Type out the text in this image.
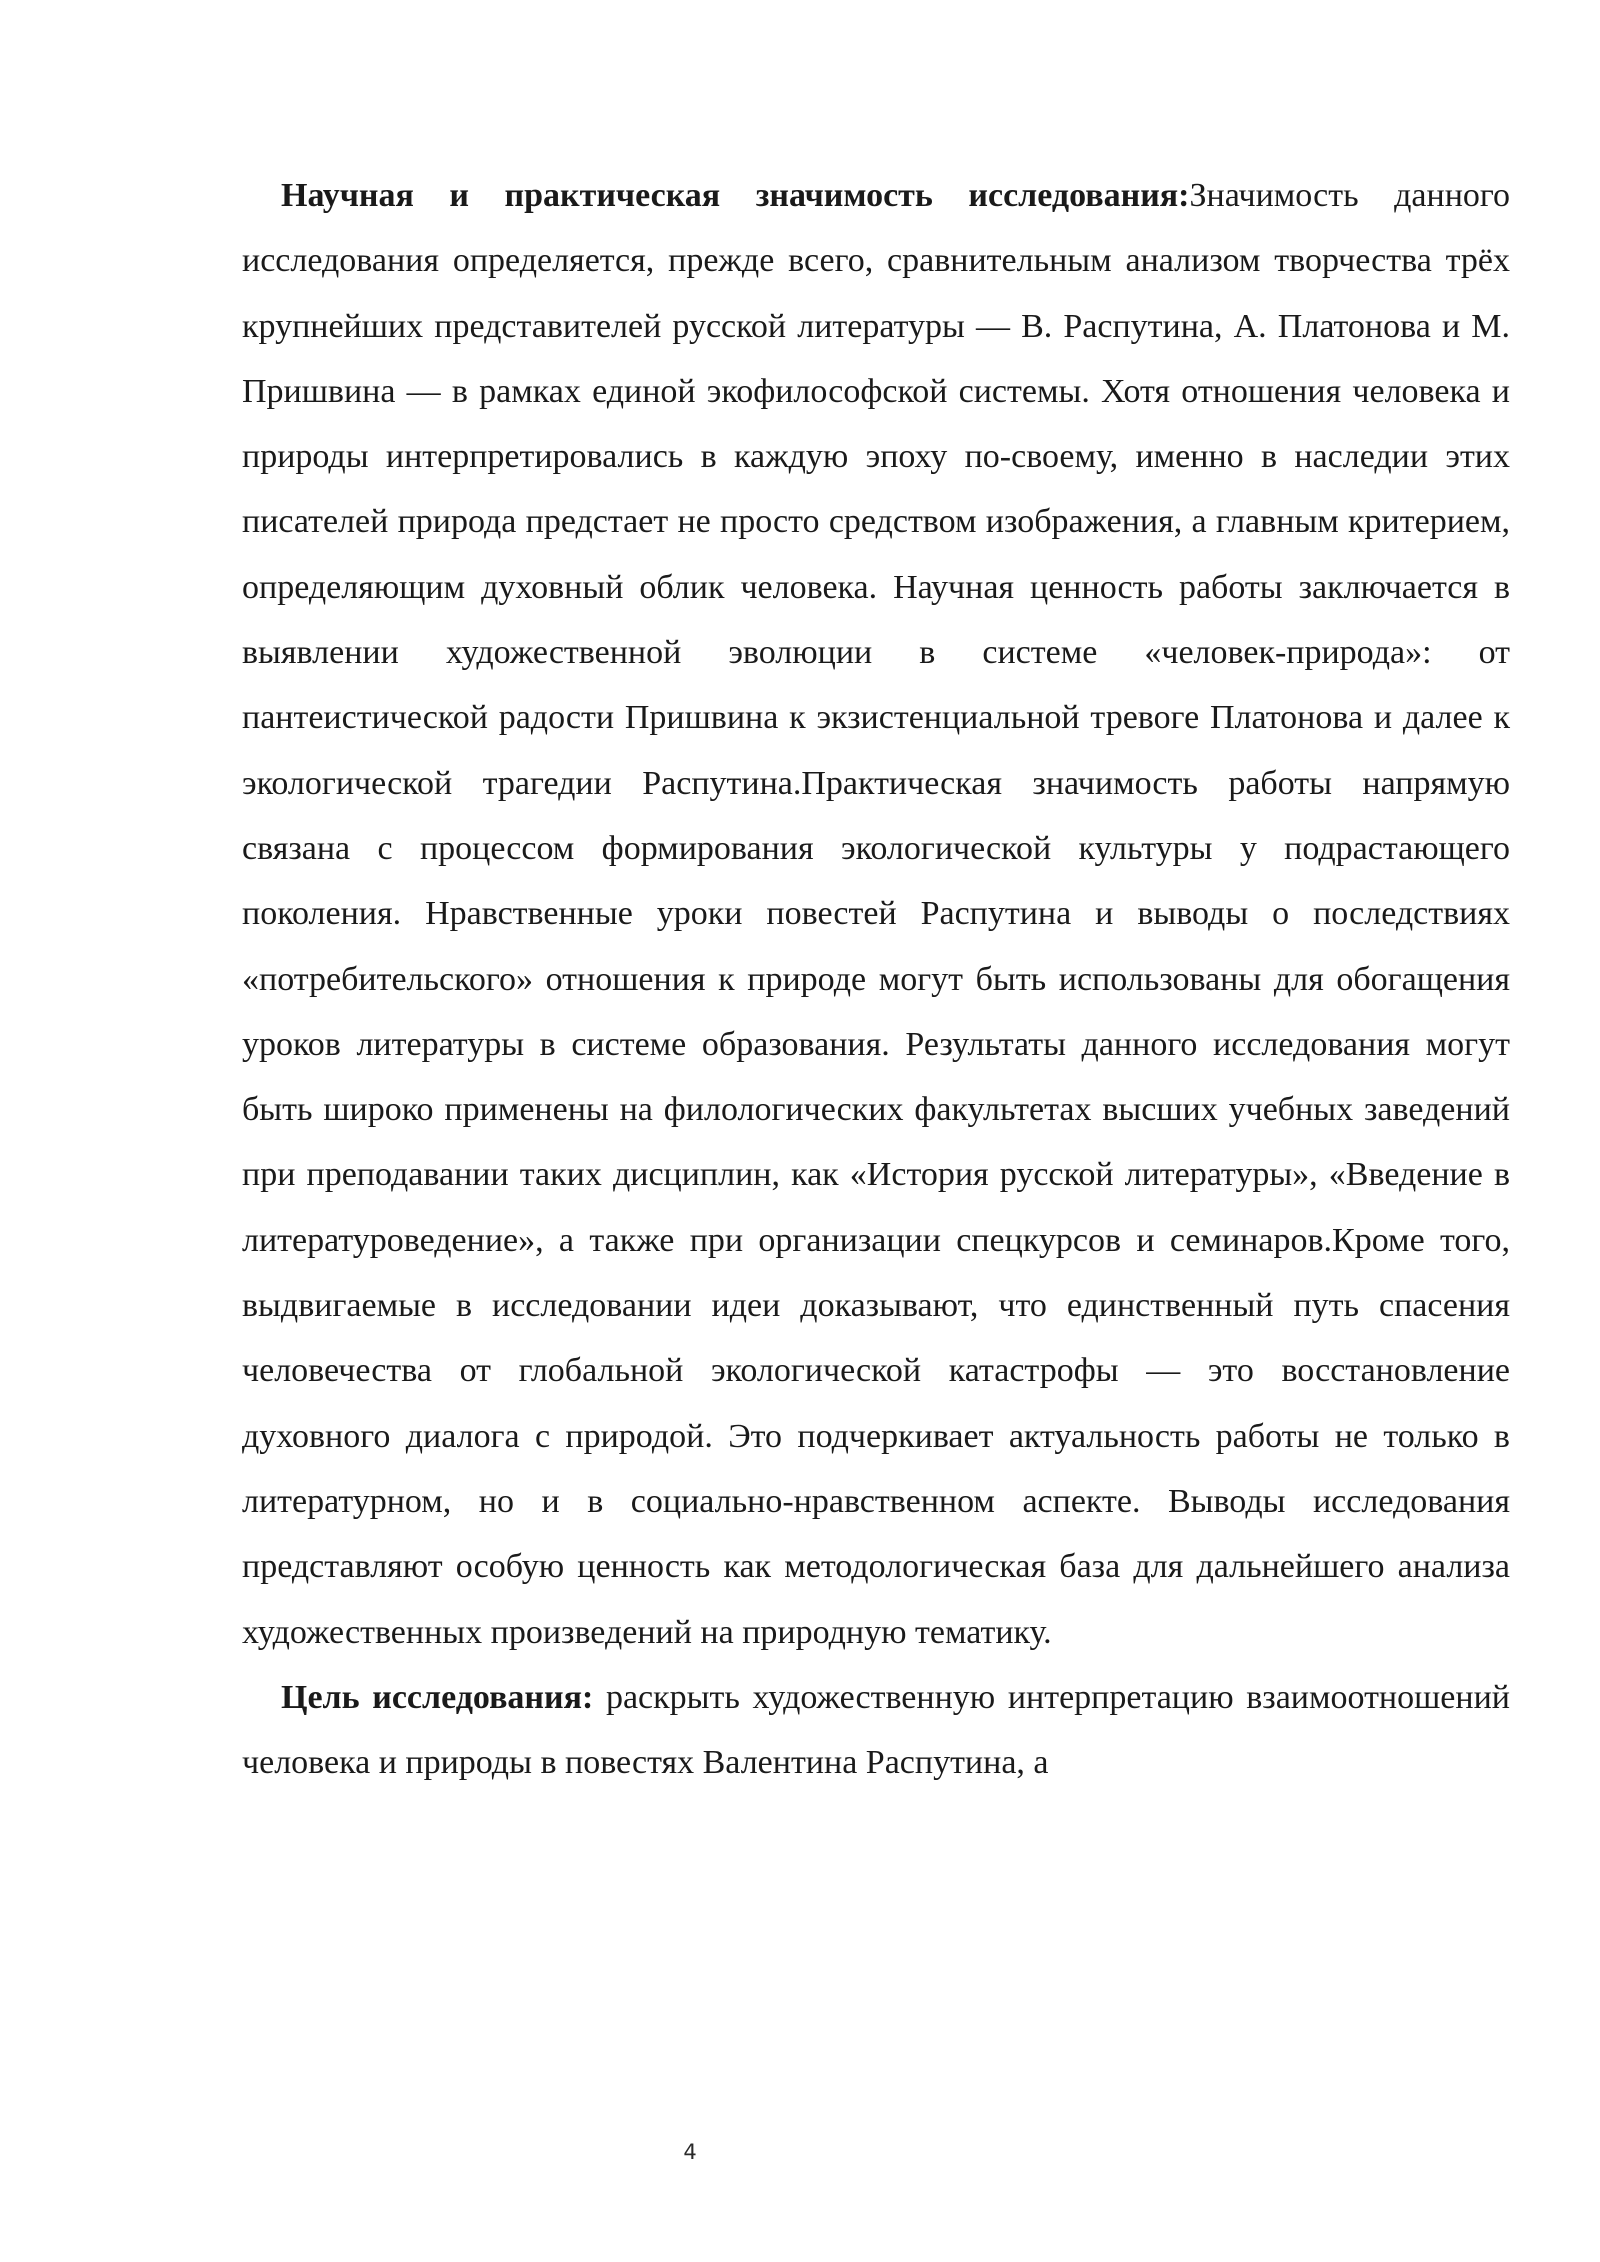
Научная и практическая значимость исследования:Значимость данного исследования определяется, прежде всего, сравнительным анализом творчества трёх крупнейших представителей русской литературы — В. Распутина, А. Платонова и М. Пришвина — в рамках единой экофилософской системы. Хотя отношения человека и природы интерпретировались в каждую эпоху по-своему, именно в наследии этих писателей природа предстает не просто средством изображения, а главным критерием, определяющим духовный облик человека. Научная ценность работы заключается в выявлении художественной эволюции в системе «человек-природа»: от пантеистической радости Пришвина к экзистенциальной тревоге Платонова и далее к экологической трагедии Распутина.Практическая значимость работы напрямую связана с процессом формирования экологической культуры у подрастающего поколения. Нравственные уроки повестей Распутина и выводы о последствиях «потребительского» отношения к природе могут быть использованы для обогащения уроков литературы в системе образования. Результаты данного исследования могут быть широко применены на филологических факультетах высших учебных заведений при преподавании таких дисциплин, как «История русской литературы», «Введение в литературоведение», а также при организации спецкурсов и семинаров.Кроме того, выдвигаемые в исследовании идеи доказывают, что единственный путь спасения человечества от глобальной экологической катастрофы — это восстановление духовного диалога с природой. Это подчеркивает актуальность работы не только в литературном, но и в социально-нравственном аспекте. Выводы исследования представляют особую ценность как методологическая база для дальнейшего анализа художественных произведений на природную тематику.

Цель исследования: раскрыть художественную интерпретацию взаимоотношений человека и природы в повестях Валентина Распутина, а

4
